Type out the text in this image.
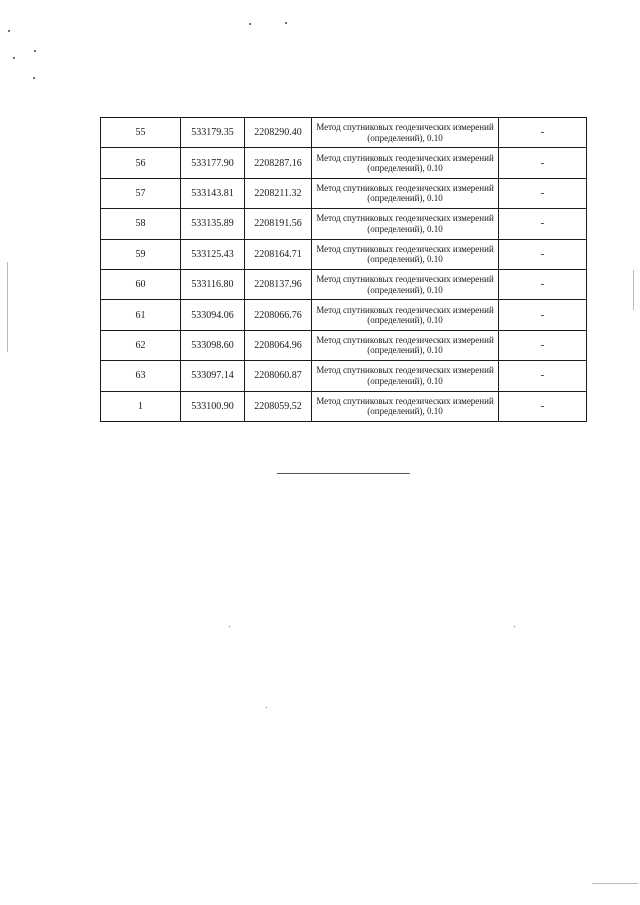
55	533179.35	2208290.40	Метод спутниковых геодезических измерений (определений), 0.10	-
56	533177.90	2208287.16	Метод спутниковых геодезических измерений (определений), 0.10	-
57	533143.81	2208211.32	Метод спутниковых геодезических измерений (определений), 0.10	-
58	533135.89	2208191.56	Метод спутниковых геодезических измерений (определений), 0.10	-
59	533125.43	2208164.71	Метод спутниковых геодезических измерений (определений), 0.10	-
60	533116.80	2208137.96	Метод спутниковых геодезических измерений (определений), 0.10	-
61	533094.06	2208066.76	Метод спутниковых геодезических измерений (определений), 0.10	-
62	533098.60	2208064.96	Метод спутниковых геодезических измерений (определений), 0.10	-
63	533097.14	2208060.87	Метод спутниковых геодезических измерений (определений), 0.10	-
1	533100.90	2208059.52	Метод спутниковых геодезических измерений (определений), 0.10	-
